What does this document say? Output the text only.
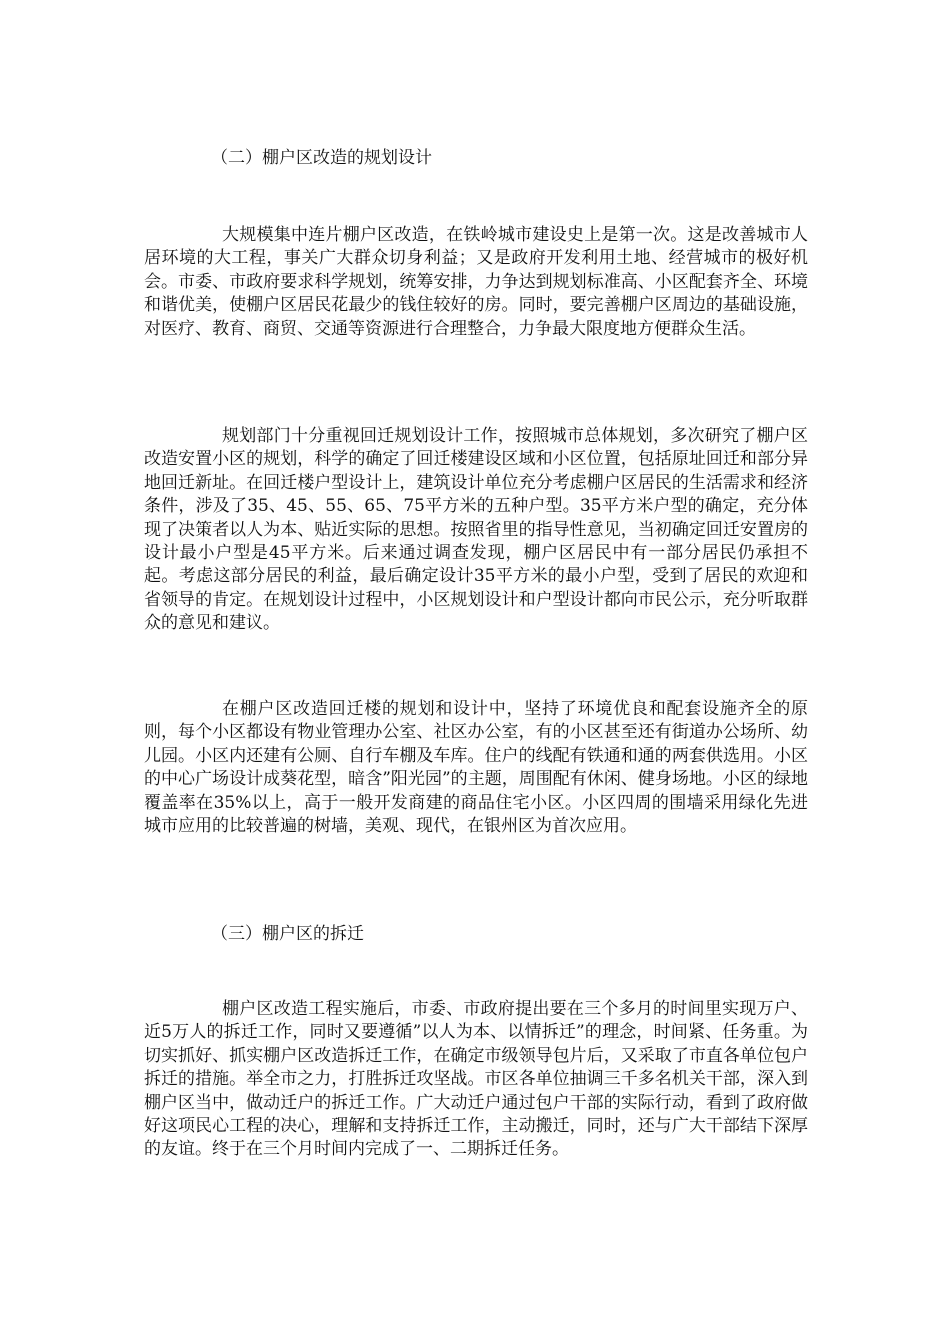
（二）棚户区改造的规划设计

大规模集中连片棚户区改造，在铁岭城市建设史上是第一次。这是改善城市人居环境的大工程，事关广大群众切身利益；又是政府开发利用土地、经营城市的极好机会。市委、市政府要求科学规划，统筹安排，力争达到规划标准高、小区配套齐全、环境和谐优美，使棚户区居民花最少的钱住较好的房。同时，要完善棚户区周边的基础设施，对医疗、教育、商贸、交通等资源进行合理整合，力争最大限度地方便群众生活。

规划部门十分重视回迁规划设计工作，按照城市总体规划，多次研究了棚户区改造安置小区的规划，科学的确定了回迁楼建设区域和小区位置，包括原址回迁和部分异地回迁新址。在回迁楼户型设计上，建筑设计单位充分考虑棚户区居民的生活需求和经济条件，涉及了35、45、55、65、75平方米的五种户型。35平方米户型的确定，充分体现了决策者以人为本、贴近实际的思想。按照省里的指导性意见，当初确定回迁安置房的设计最小户型是45平方米。后来通过调查发现，棚户区居民中有一部分居民仍承担不起。考虑这部分居民的利益，最后确定设计35平方米的最小户型，受到了居民的欢迎和省领导的肯定。在规划设计过程中，小区规划设计和户型设计都向市民公示，充分听取群众的意见和建议。

在棚户区改造回迁楼的规划和设计中，坚持了环境优良和配套设施齐全的原则，每个小区都设有物业管理办公室、社区办公室，有的小区甚至还有街道办公场所、幼儿园。小区内还建有公厕、自行车棚及车库。住户的线配有铁通和通的两套供选用。小区的中心广场设计成葵花型，暗含”阳光园”的主题，周围配有休闲、健身场地。小区的绿地覆盖率在35%以上，高于一般开发商建的商品住宅小区。小区四周的围墙采用绿化先进城市应用的比较普遍的树墙，美观、现代，在银州区为首次应用。

（三）棚户区的拆迁

棚户区改造工程实施后，市委、市政府提出要在三个多月的时间里实现万户、近5万人的拆迁工作，同时又要遵循”以人为本、以情拆迁”的理念，时间紧、任务重。为切实抓好、抓实棚户区改造拆迁工作，在确定市级领导包片后，又采取了市直各单位包户拆迁的措施。举全市之力，打胜拆迁攻坚战。市区各单位抽调三千多名机关干部，深入到棚户区当中，做动迁户的拆迁工作。广大动迁户通过包户干部的实际行动，看到了政府做好这项民心工程的决心，理解和支持拆迁工作，主动搬迁，同时，还与广大干部结下深厚的友谊。终于在三个月时间内完成了一、二期拆迁任务。
